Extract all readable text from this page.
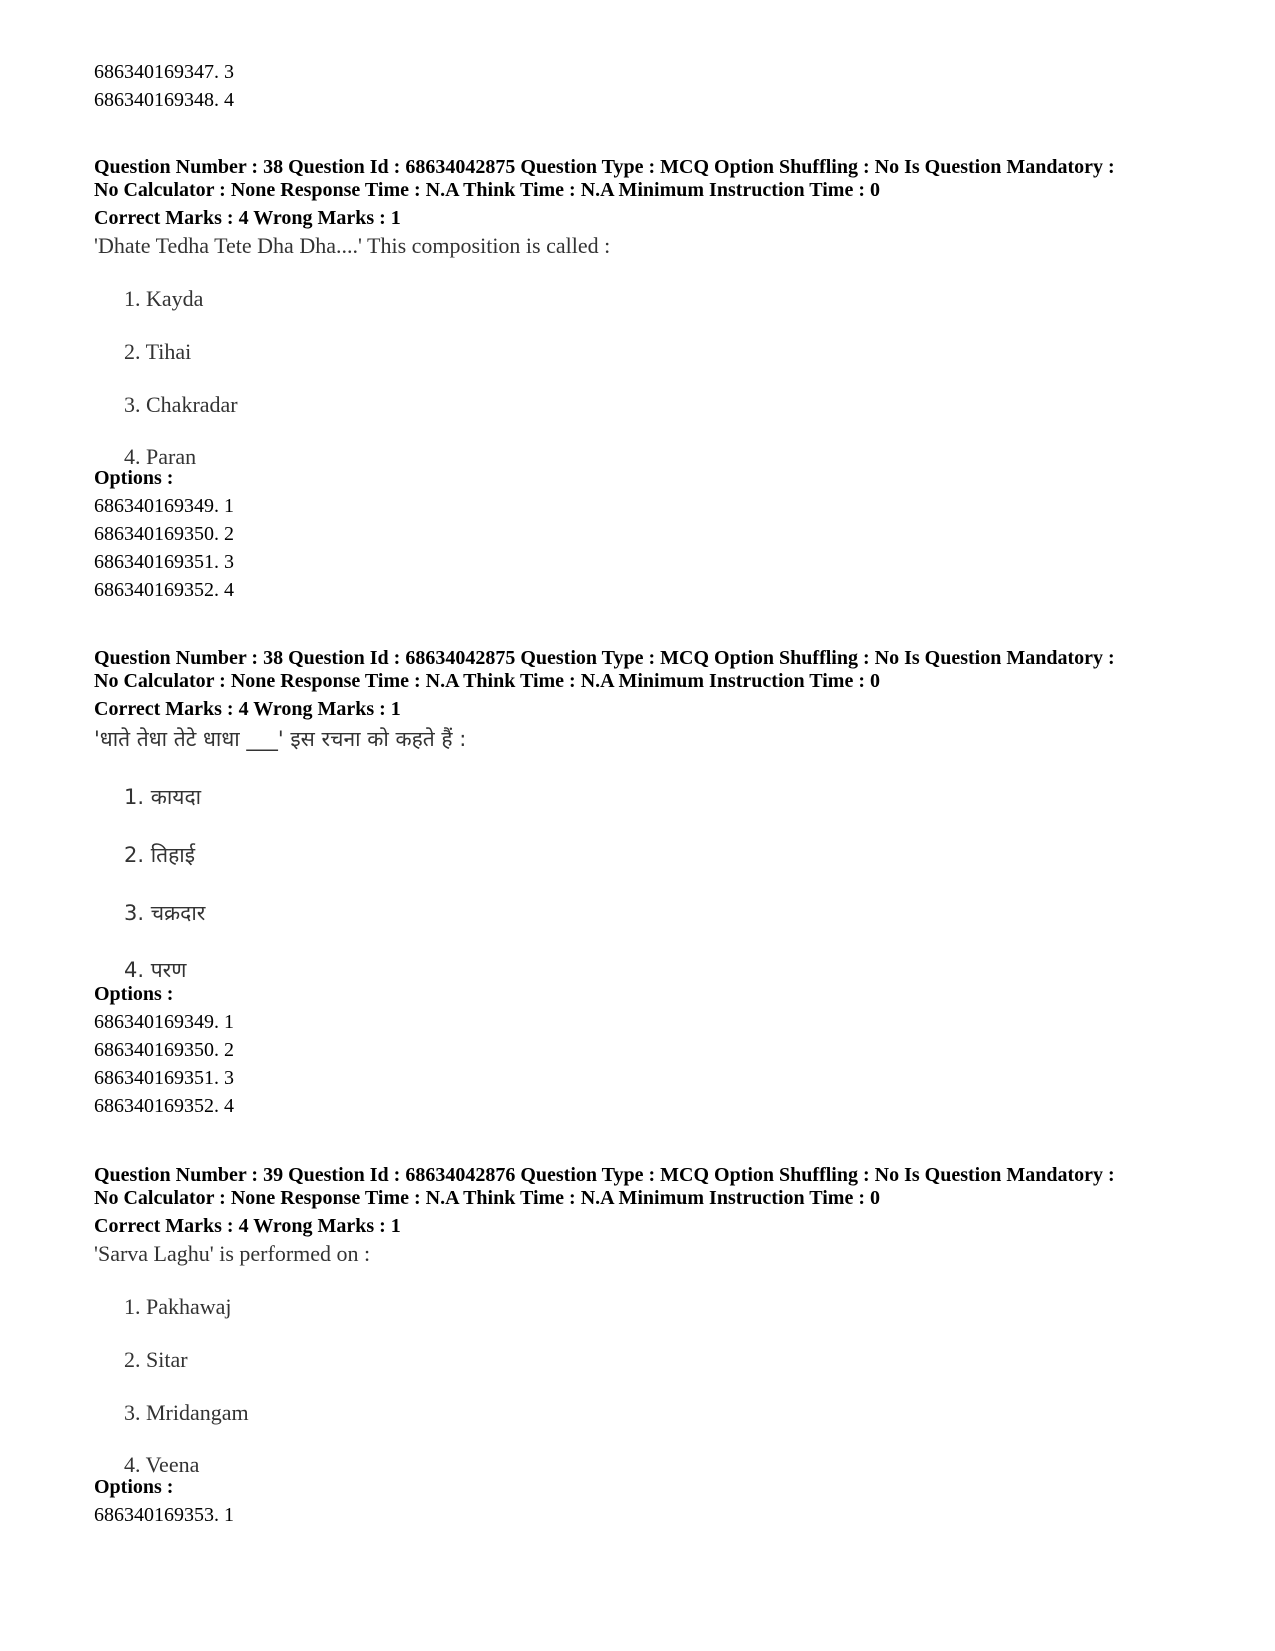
686340169347. 3
686340169348. 4
Question Number : 38 Question Id : 68634042875 Question Type : MCQ Option Shuffling : No Is Question Mandatory :
No Calculator : None Response Time : N.A Think Time : N.A Minimum Instruction Time : 0
Correct Marks : 4 Wrong Marks : 1
'Dhate Tedha Tete Dha Dha....' This composition is called :
1. Kayda
2. Tihai
3. Chakradar
4. Paran
Options :
686340169349. 1
686340169350. 2
686340169351. 3
686340169352. 4
Question Number : 38 Question Id : 68634042875 Question Type : MCQ Option Shuffling : No Is Question Mandatory :
No Calculator : None Response Time : N.A Think Time : N.A Minimum Instruction Time : 0
Correct Marks : 4 Wrong Marks : 1
'धाते तेधा तेटे धाधा ___' इस रचना को कहते हैं :
1. कायदा
2. तिहाई
3. चक्रदार
4. परण
Options :
686340169349. 1
686340169350. 2
686340169351. 3
686340169352. 4
Question Number : 39 Question Id : 68634042876 Question Type : MCQ Option Shuffling : No Is Question Mandatory :
No Calculator : None Response Time : N.A Think Time : N.A Minimum Instruction Time : 0
Correct Marks : 4 Wrong Marks : 1
'Sarva Laghu' is performed on :
1. Pakhawaj
2. Sitar
3. Mridangam
4. Veena
Options :
686340169353. 1
